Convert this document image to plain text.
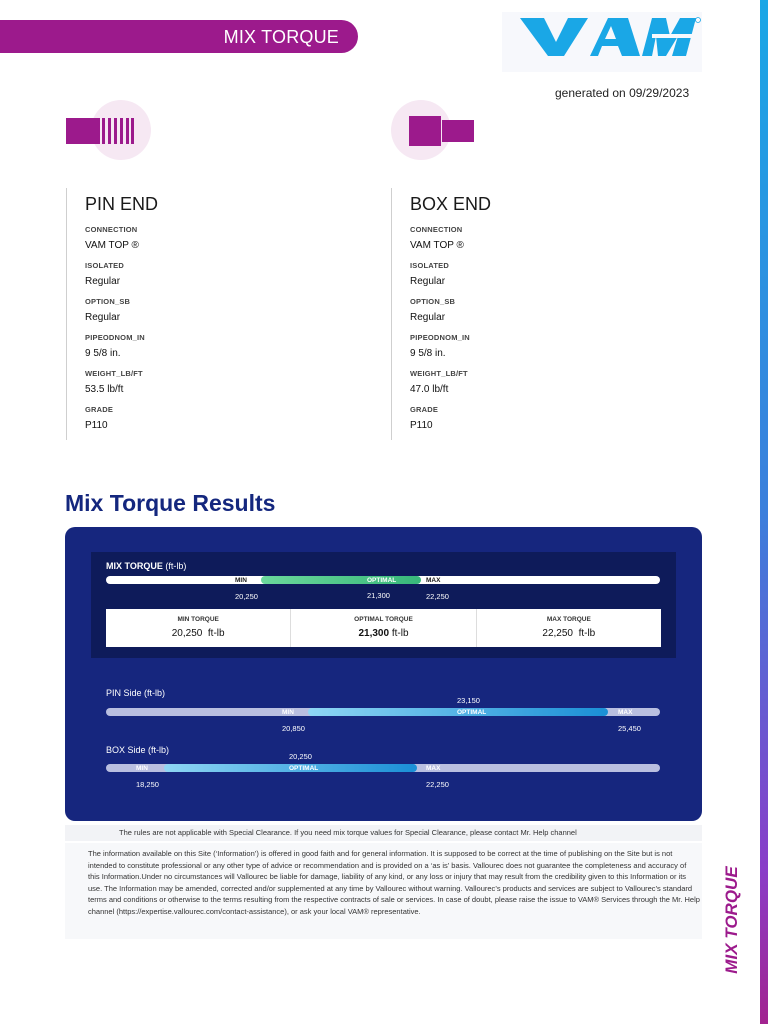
MIX TORQUE
generated on 09/29/2023
PIN END
CONNECTION
VAM TOP ®
ISOLATED
Regular
OPTION_SB
Regular
PIPEODNOM_IN
9 5/8 in.
WEIGHT_LB/FT
53.5 lb/ft
GRADE
P110
BOX END
CONNECTION
VAM TOP ®
ISOLATED
Regular
OPTION_SB
Regular
PIPEODNOM_IN
9 5/8 in.
WEIGHT_LB/FT
47.0 lb/ft
GRADE
P110
Mix Torque Results
MIX TORQUE (ft-lb)
MIN	OPTIMAL	MAX
20,250	21,300	22,250
MIN TORQUE
20,250 ft-lb
OPTIMAL TORQUE
21,300 ft-lb
MAX TORQUE
22,250 ft-lb
PIN Side (ft-lb)
23,150
MIN	OPTIMAL	MAX
20,850	25,450
BOX Side (ft-lb)
20,250
MIN	OPTIMAL	MAX
18,250	22,250
The rules are not applicable with Special Clearance. If you need mix torque values for Special Clearance, please contact Mr. Help channel

The information available on this Site (‘Information’) is offered in good faith and for general information. It is supposed to be correct at the time of publishing on the Site but is not intended to constitute professional or any other type of advice or recommendation and is provided on a ‘as is’ basis. Vallourec does not guarantee the completeness and accuracy of this Information.Under no circumstances will Vallourec be liable for damage, liability of any kind, or any loss or injury that may result from the credibility given to this Information or its use. The Information may be amended, corrected and/or supplemented at any time by Vallourec without warning. Vallourec’s products and services are subject to Vallourec’s standard terms and conditions or otherwise to the terms resulting from the respective contracts of sale or services. In case of doubt, please raise the issue to VAM® Services through the Mr. Help channel (https://expertise.vallourec.com/contact-assistance), or ask your local VAM® representative.	MIX TORQUE
